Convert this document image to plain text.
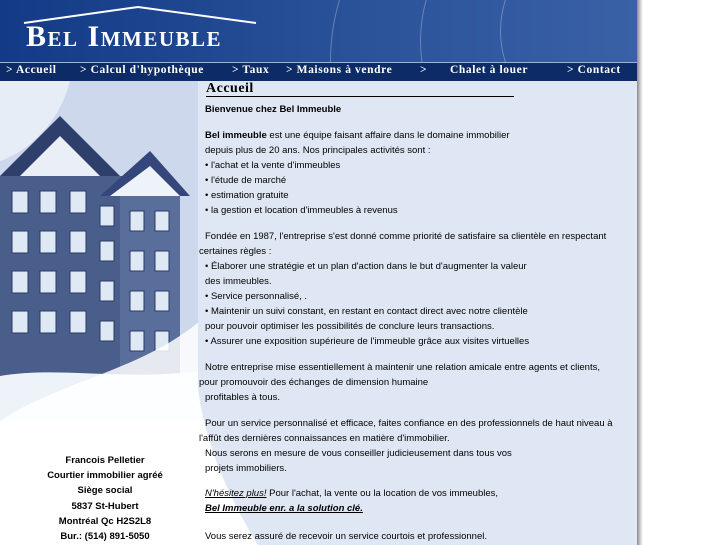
Bel Immeuble
> Accueil > Calcul d'hypothèque > Taux > Maisons à vendre > Chalet à louer	> Contact
Francois Pelletier
Courtier immobilier agréé
Siège social
5837 St-Hubert
Montréal Qc H2S2L8
Bur.: (514) 891-5050
Accueil
Bienvenue chez Bel Immeuble
Bel immeuble est une équipe faisant affaire dans le domaine immobilier
depuis plus de 20 ans. Nos principales activités sont :
• l'achat et la vente d'immeubles
• l'étude de marché
• estimation gratuite
• la gestion et location d'immeubles à revenus
Fondée en 1987, l'entreprise s'est donné comme priorité de satisfaire sa clientèle en respectant
certaines règles :
• Élaborer une stratégie et un plan d'action dans le but d'augmenter la valeur
des immeubles.
• Service personnalisé, .
• Maintenir un suivi constant, en restant en contact direct avec notre clientèle
pour pouvoir optimiser les possibilités de conclure leurs transactions.
• Assurer une exposition supérieure de l'immeuble grâce aux visites virtuelles
Notre entreprise mise essentiellement à maintenir une relation amicale entre agents et clients,
pour promouvoir des échanges de dimension humaine
profitables à tous.
Pour un service personnalisé et efficace, faites confiance en des professionnels de haut niveau à
l'affût des dernières connaissances en matière d'immobilier.
Nous serons en mesure de vous conseiller judicieusement dans tous vos
projets immobiliers.
N'hésitez plus! Pour l'achat, la vente ou la location de vos immeubles,
Bel Immeuble enr. a la solution clé.
Vous serez assuré de recevoir un service courtois et professionnel.
